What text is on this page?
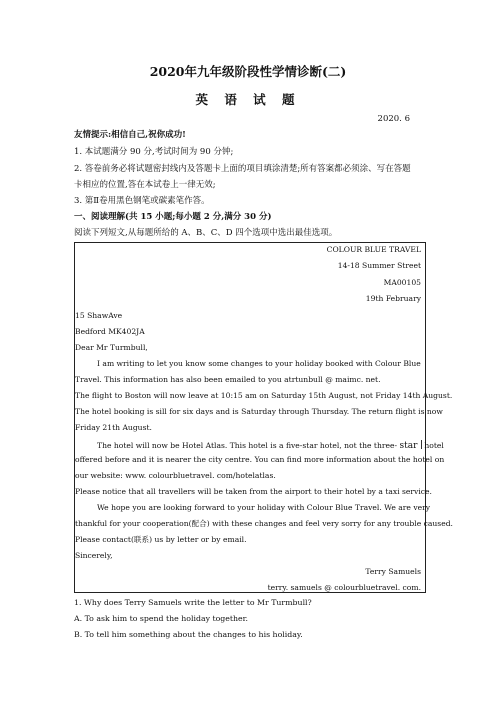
2020年九年级阶段性学情诊断(二)
英 语 试 题
2020. 6
友情提示:相信自己,祝你成功!
1. 本试题满分 90 分,考试时间为 90 分钟;
2. 答卷前务必将试题密封线内及答题卡上面的项目填涂清楚;所有答案都必须涂、写在答题
卡相应的位置,答在本试卷上一律无效;
3. 第Ⅱ卷用黑色钢笔或碳素笔作答。
一、阅读理解(共 15 小题;每小题 2 分,满分 30 分)
阅读下列短文,从每题所给的 A、B、C、D 四个选项中选出最佳选项。
COLOUR BLUE TRAVEL
14-18 Summer Street
MA00105
19th February
15 ShawAve
Bedford MK402JA
Dear Mr Turmbull,
I am writing to let you know some changes to your holiday booked with Colour Blue
Travel. This information has also been emailed to you atrtunbull @ maimc. net.
The flight to Boston will now leave at 10:15 am on Saturday 15th August, not Friday 14th August.
The hotel booking is sill for six days and is Saturday through Thursday. The return flight is now
Friday 21th August.
The hotel will now be Hotel Atlas. This hotel is a five-star hotel, not the three- star hotel
offered before and it is nearer the city centre. You can find more information about the hotel on
our website: www. colourbluetravel. com/hotelatlas.
Please notice that all travellers will be taken from the airport to their hotel by a taxi service.
We hope you are looking forward to your holiday with Colour Blue Travel. We are very
thankful for your cooperation(配合) with these changes and feel very sorry for any trouble caused.
Please contact(联系) us by letter or by email.
Sincerely,
Terry Samuels
terry. samuels @ colourbluetravel. com.
1. Why does Terry Samuels write the letter to Mr Turmbull?
A. To ask him to spend the holiday together.
B. To tell him something about the changes to his holiday.
